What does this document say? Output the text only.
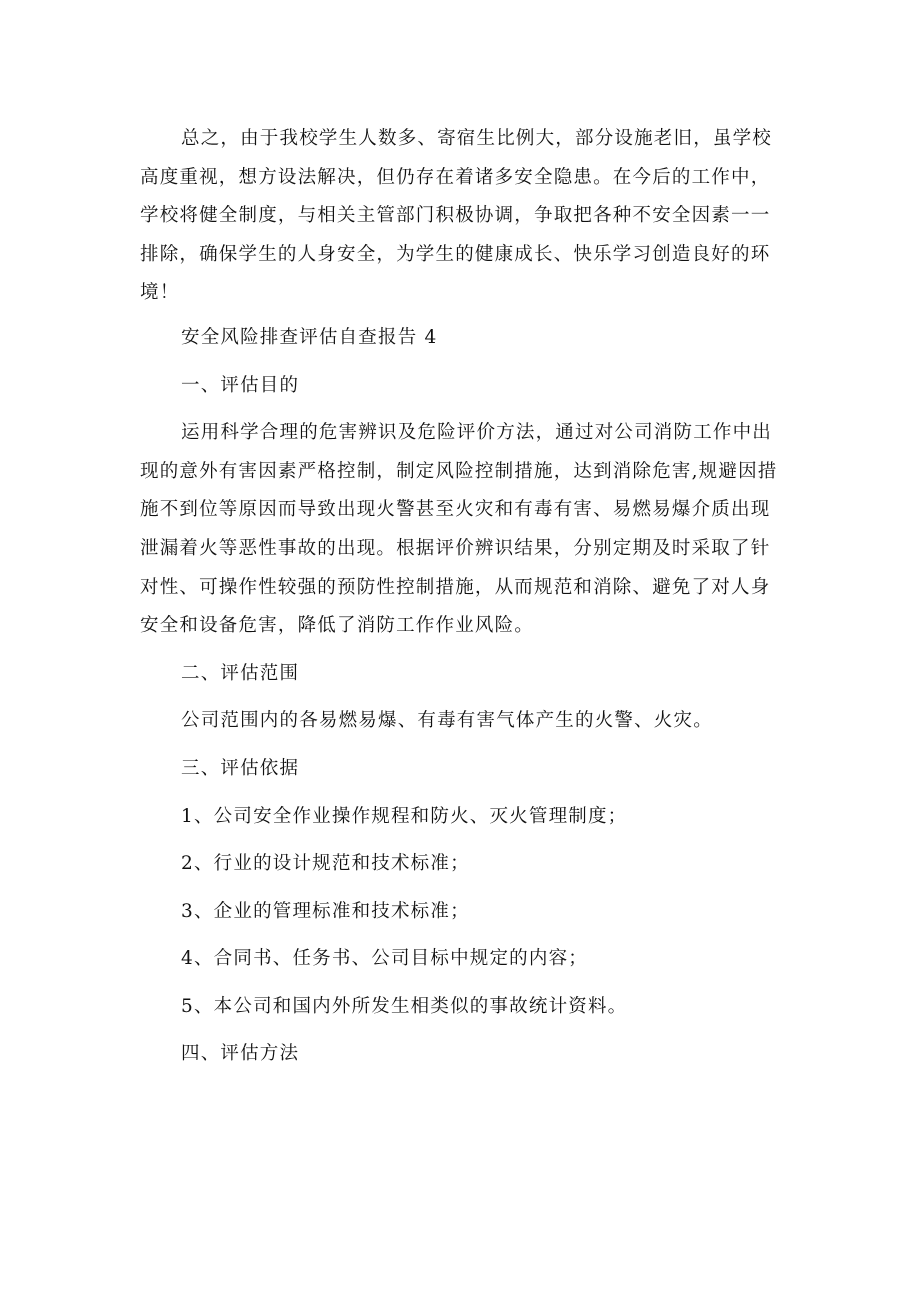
总之，由于我校学生人数多、寄宿生比例大，部分设施老旧，虽学校高度重视，想方设法解决，但仍存在着诸多安全隐患。在今后的工作中，学校将健全制度，与相关主管部门积极协调，争取把各种不安全因素一一排除，确保学生的人身安全，为学生的健康成长、快乐学习创造良好的环境！

安全风险排查评估自查报告 4

一、评估目的

运用科学合理的危害辨识及危险评价方法，通过对公司消防工作中出现的意外有害因素严格控制，制定风险控制措施，达到消除危害,规避因措施不到位等原因而导致出现火警甚至火灾和有毒有害、易燃易爆介质出现泄漏着火等恶性事故的出现。根据评价辨识结果，分别定期及时采取了针对性、可操作性较强的预防性控制措施，从而规范和消除、避免了对人身安全和设备危害，降低了消防工作作业风险。

二、评估范围

公司范围内的各易燃易爆、有毒有害气体产生的火警、火灾。

三、评估依据

1、公司安全作业操作规程和防火、灭火管理制度；

2、行业的设计规范和技术标准；

3、企业的管理标准和技术标准；

4、合同书、任务书、公司目标中规定的内容；

5、本公司和国内外所发生相类似的事故统计资料。

四、评估方法
